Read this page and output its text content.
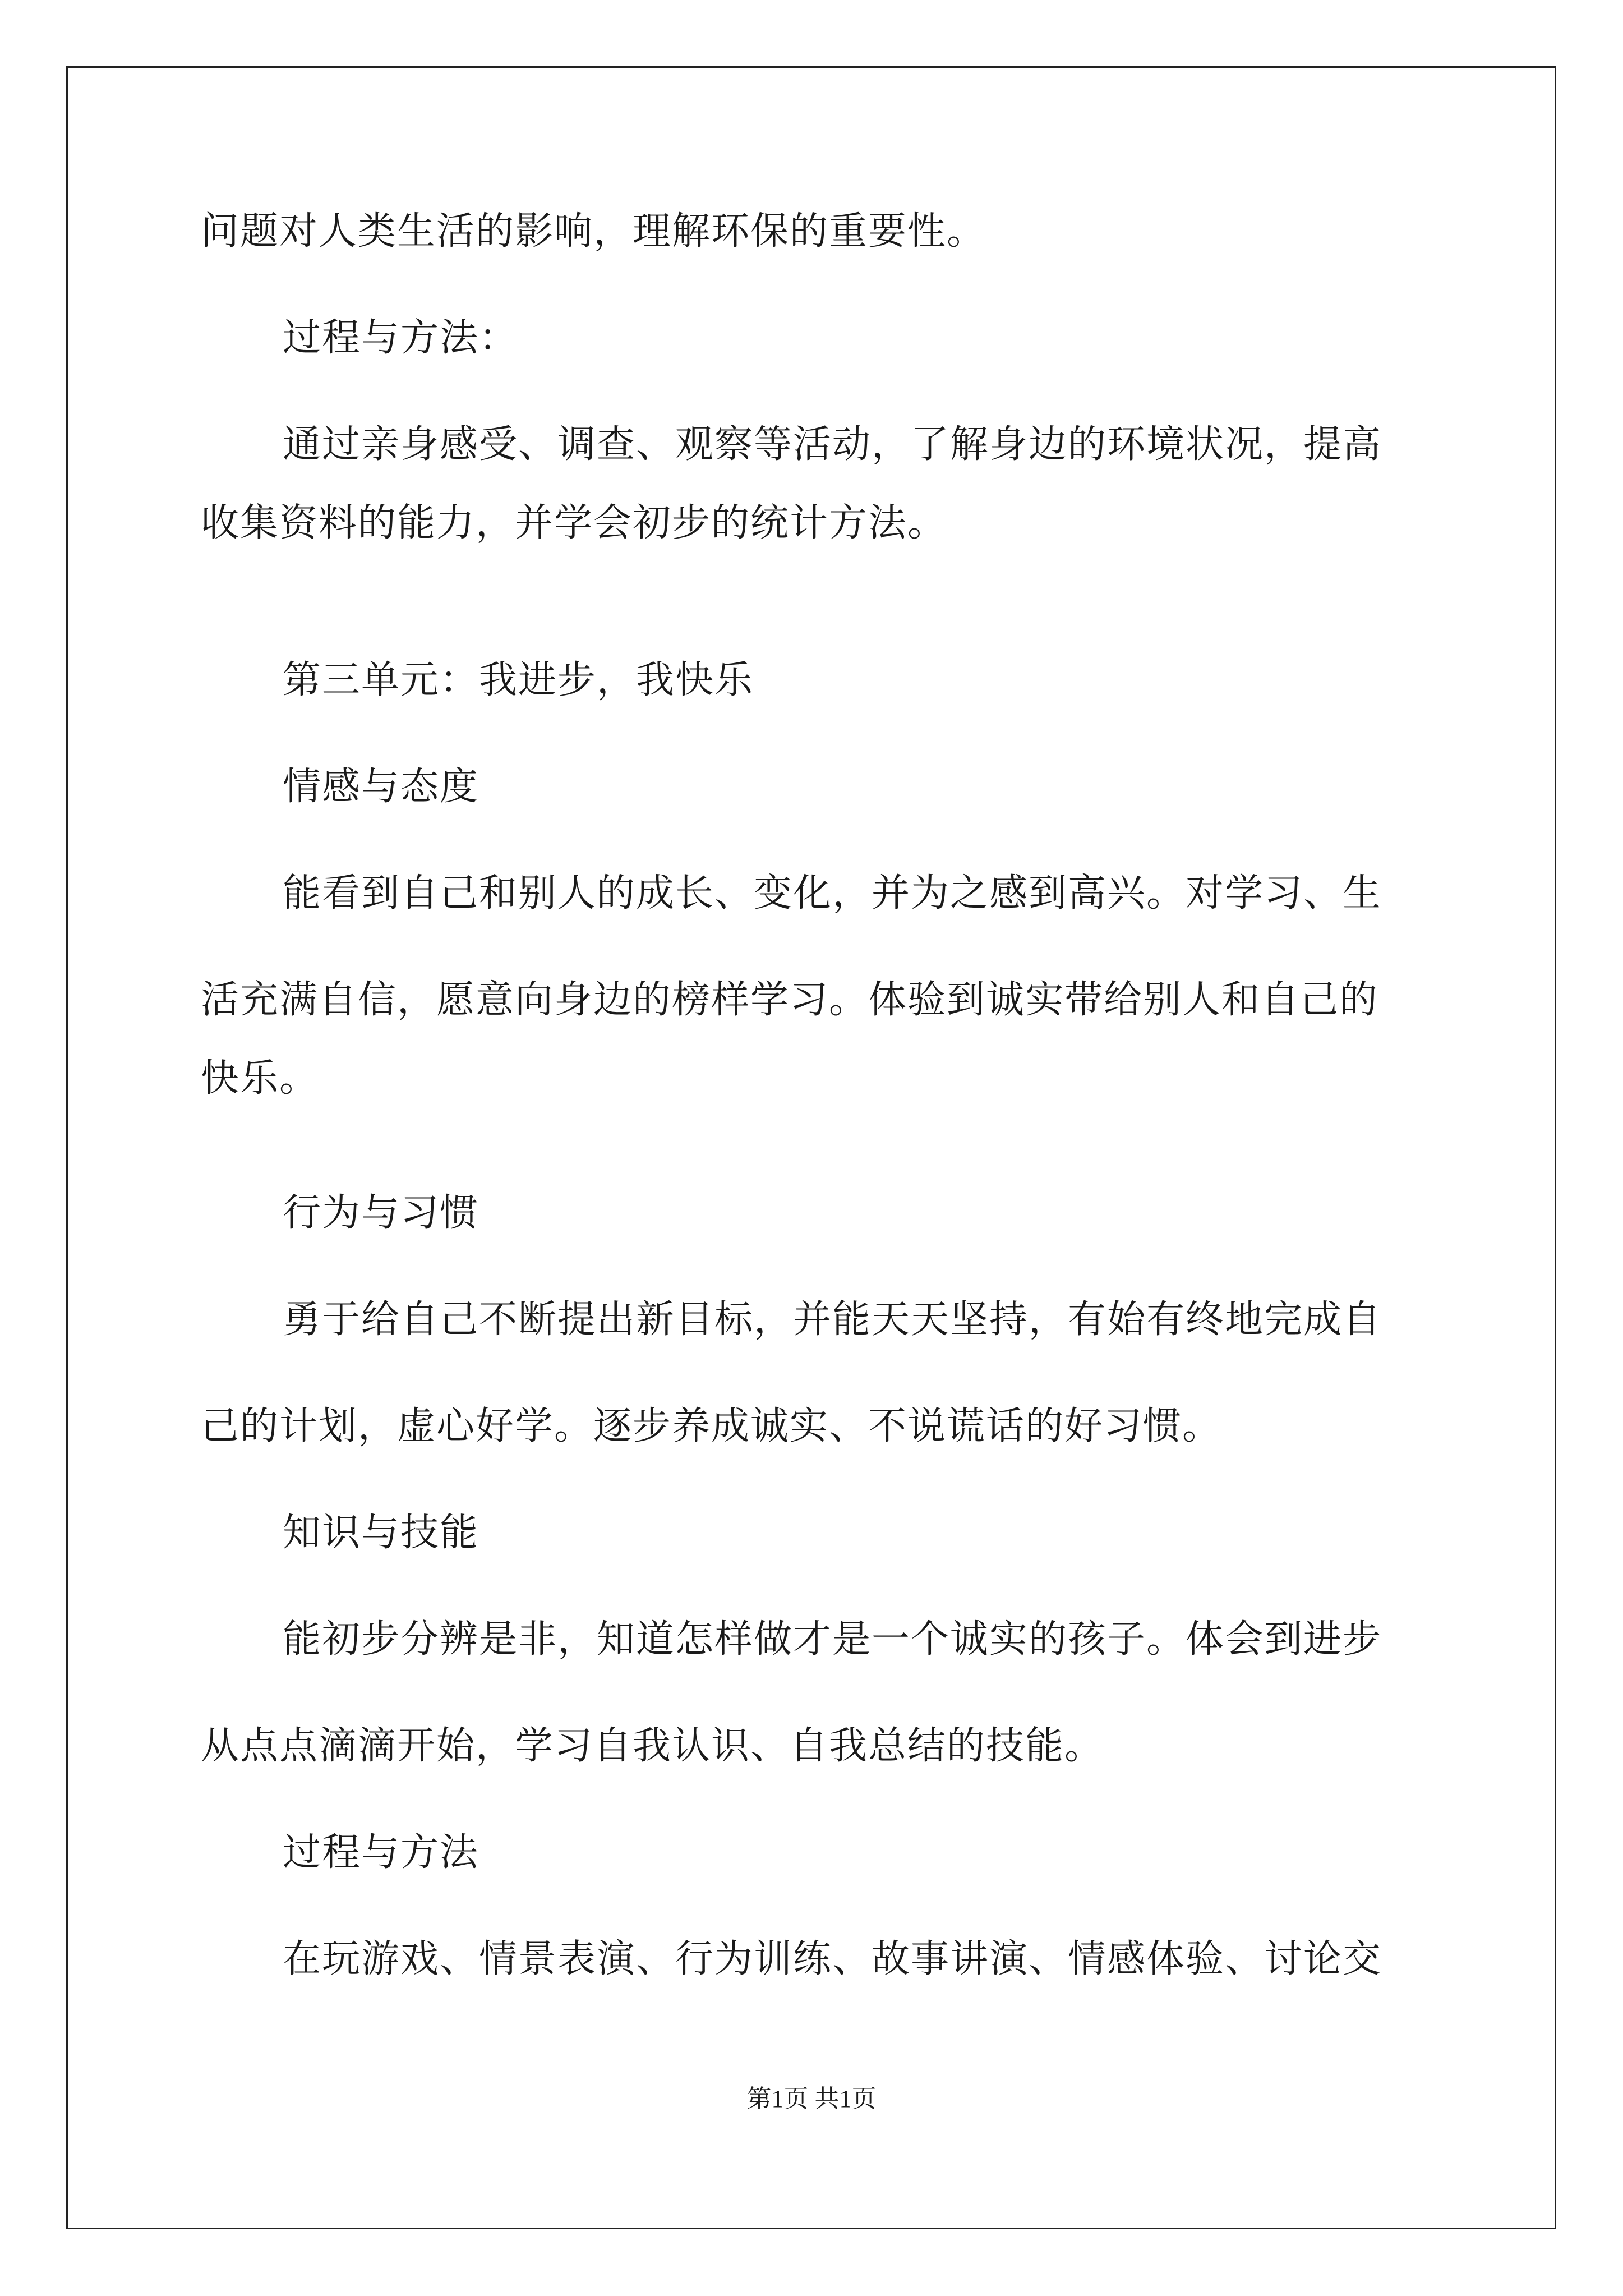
问题对人类生活的影响，理解环保的重要性。
过程与方法：
通过亲身感受、调查、观察等活动，了解身边的环境状况，提高
收集资料的能力，并学会初步的统计方法。
第三单元：我进步，我快乐
情感与态度
能看到自己和别人的成长、变化，并为之感到高兴。对学习、生
活充满自信，愿意向身边的榜样学习。体验到诚实带给别人和自己的
快乐。
行为与习惯
勇于给自己不断提出新目标，并能天天坚持，有始有终地完成自
己的计划，虚心好学。逐步养成诚实、不说谎话的好习惯。
知识与技能
能初步分辨是非，知道怎样做才是一个诚实的孩子。体会到进步
从点点滴滴开始，学习自我认识、自我总结的技能。
过程与方法
在玩游戏、情景表演、行为训练、故事讲演、情感体验、讨论交
第1页 共1页
